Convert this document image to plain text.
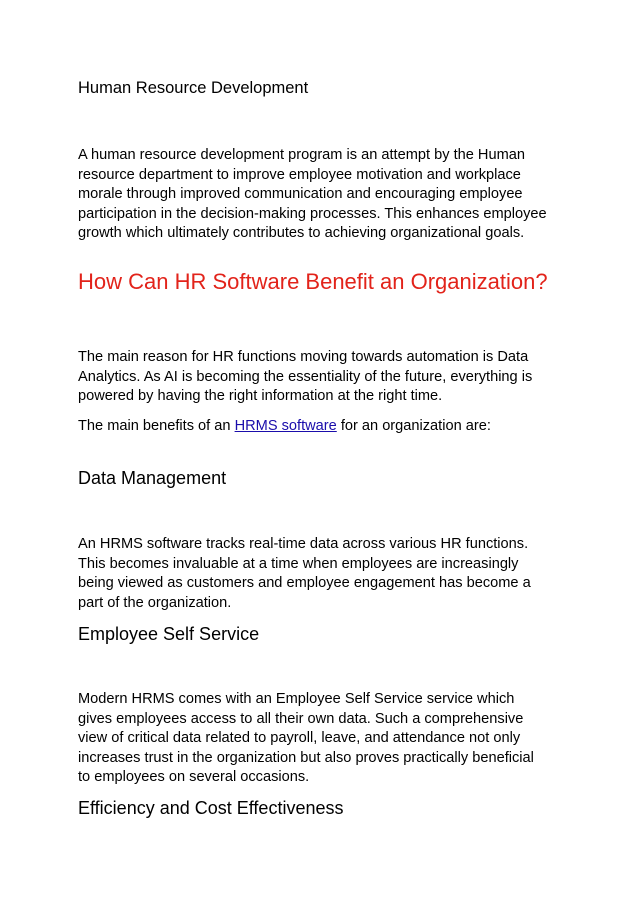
Human Resource Development

A human resource development program is an attempt by the Human
resource department to improve employee motivation and workplace
morale through improved communication and encouraging employee
participation in the decision-making processes. This enhances employee
growth which ultimately contributes to achieving organizational goals.

How Can HR Software Benefit an Organization?

The main reason for HR functions moving towards automation is Data
Analytics. As AI is becoming the essentiality of the future, everything is
powered by having the right information at the right time.

The main benefits of an HRMS software for an organization are:

Data Management

An HRMS software tracks real-time data across various HR functions.
This becomes invaluable at a time when employees are increasingly
being viewed as customers and employee engagement has become a
part of the organization.

Employee Self Service

Modern HRMS comes with an Employee Self Service service which
gives employees access to all their own data. Such a comprehensive
view of critical data related to payroll, leave, and attendance not only
increases trust in the organization but also proves practically beneficial
to employees on several occasions.

Efficiency and Cost Effectiveness
